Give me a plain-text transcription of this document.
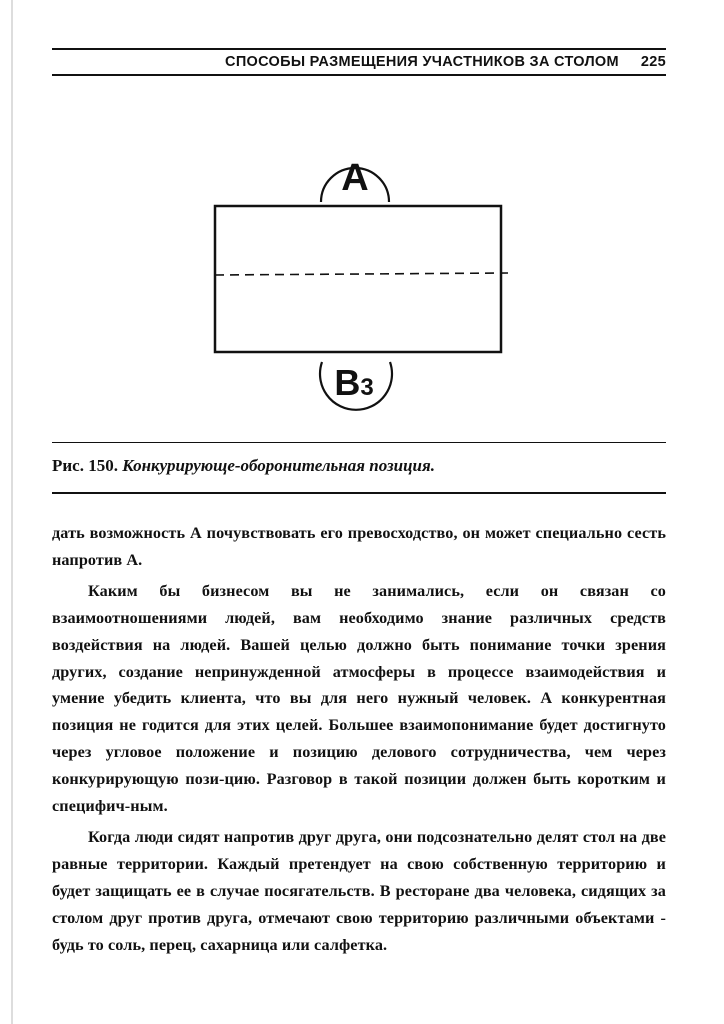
СПОСОБЫ РАЗМЕЩЕНИЯ УЧАСТНИКОВ ЗА СТОЛОМ 225
A
B3
Рис. 150. Конкурирующе-оборонительная позиция.

дать возможность А почувствовать его превосходство, он может специально сесть напротив А.

Каким бы бизнесом вы не занимались, если он связан со взаимоотношениями людей, вам необходимо знание различных средств воздействия на людей. Вашей целью должно быть понимание точки зрения других, создание непринужденной атмосферы в процессе взаимодействия и умение убедить клиента, что вы для него нужный человек. А конкурентная позиция не годится для этих целей. Большее взаимопонимание будет достигнуто через угловое положение и позицию делового сотрудничества, чем через конкурирующую пози-цию. Разговор в такой позиции должен быть коротким и специфич-ным.

Когда люди сидят напротив друг друга, они подсознательно делят стол на две равные территории. Каждый претендует на свою собственную территорию и будет защищать ее в случае посягательств. В ресторане два человека, сидящих за столом друг против друга, отмечают свою территорию различными объектами - будь то соль, перец, сахарница или салфетка.
